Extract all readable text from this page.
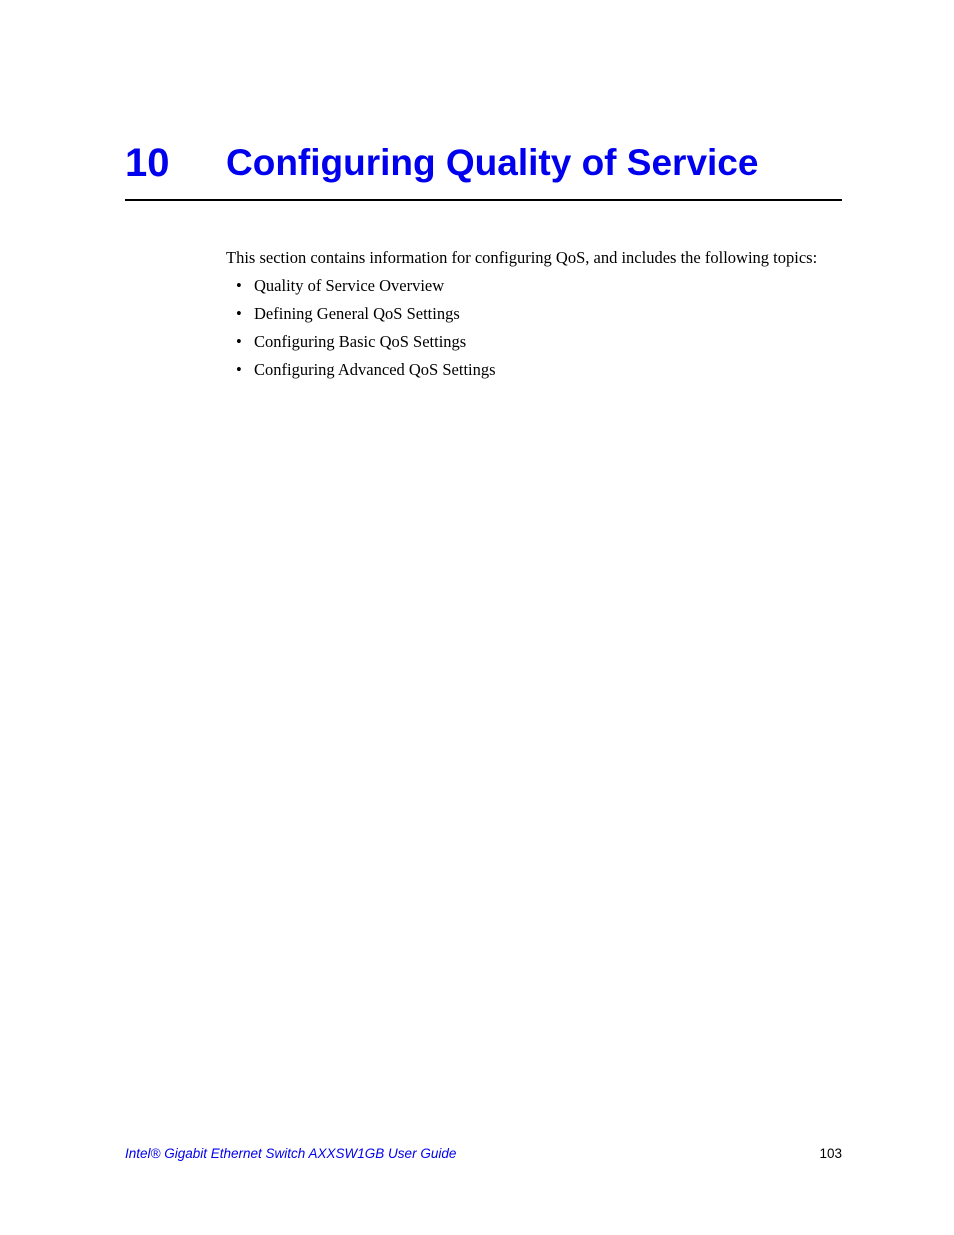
10 Configuring Quality of Service
This section contains information for configuring QoS, and includes the following topics:
• Quality of Service Overview
• Defining General QoS Settings
• Configuring Basic QoS Settings
• Configuring Advanced QoS Settings
Intel® Gigabit Ethernet Switch AXXSW1GB User Guide	103
